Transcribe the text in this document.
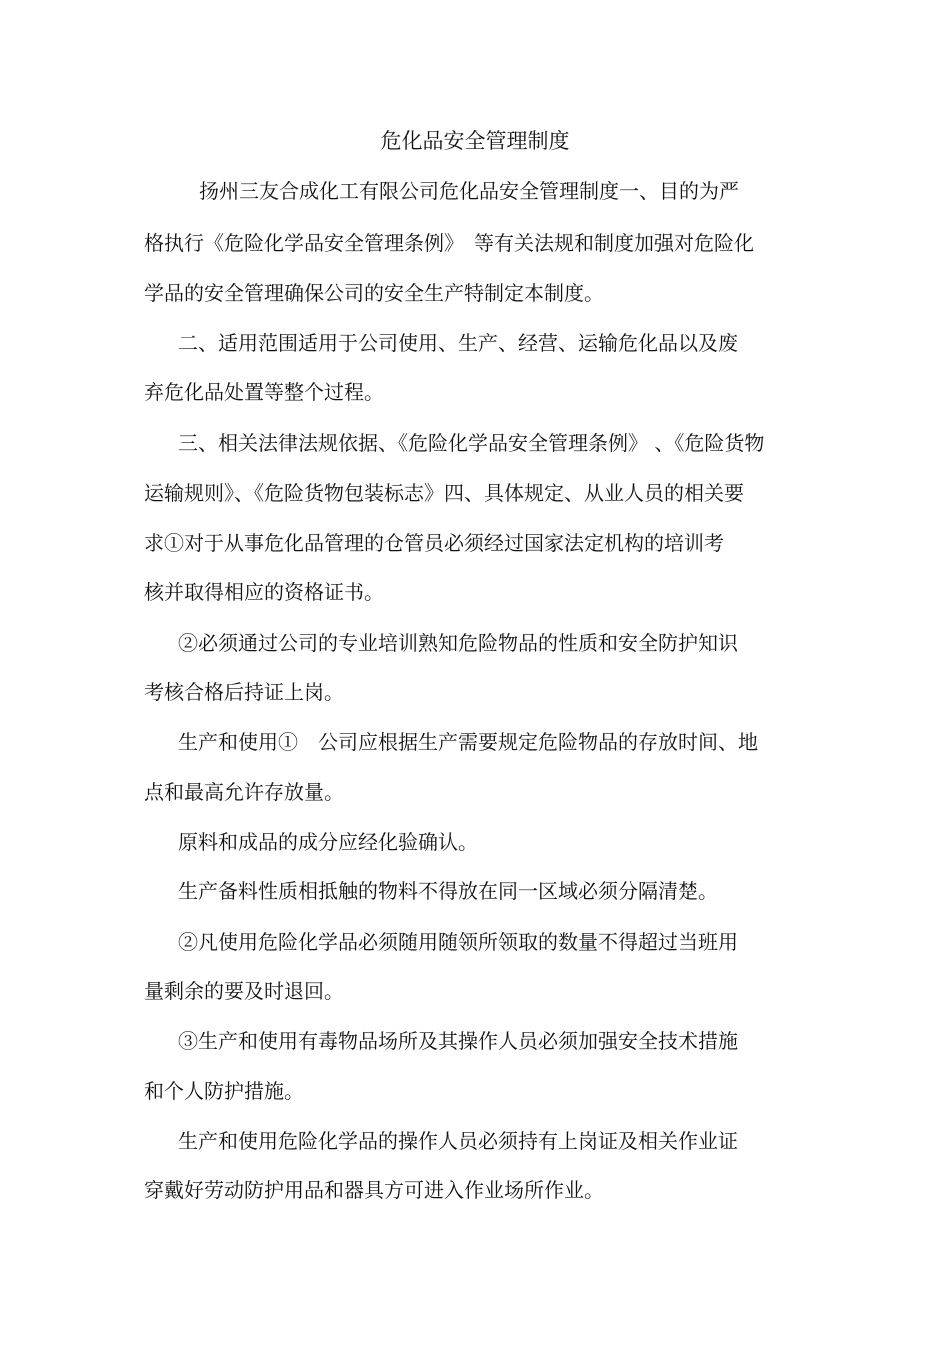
危化品安全管理制度
扬州三友合成化工有限公司危化品安全管理制度一、目的为严
格执行《危险化学品安全管理条例》　等有关法规和制度加强对危险化
学品的安全管理确保公司的安全生产特制定本制度。
二、适用范围适用于公司使用、生产、经营、运输危化品以及废
弃危化品处置等整个过程。
三、相关法律法规依据、《危险化学品安全管理条例》 、《危险货物
运输规则》、《危险货物包装标志》四、具体规定、从业人员的相关要
求①对于从事危化品管理的仓管员必须经过国家法定机构的培训考
核并取得相应的资格证书。
②必须通过公司的专业培训熟知危险物品的性质和安全防护知识
考核合格后持证上岗。
生产和使用①　公司应根据生产需要规定危险物品的存放时间、地
点和最高允许存放量。
原料和成品的成分应经化验确认。
生产备料性质相抵触的物料不得放在同一区域必须分隔清楚。
②凡使用危险化学品必须随用随领所领取的数量不得超过当班用
量剩余的要及时退回。
③生产和使用有毒物品场所及其操作人员必须加强安全技术措施
和个人防护措施。
生产和使用危险化学品的操作人员必须持有上岗证及相关作业证
穿戴好劳动防护用品和器具方可进入作业场所作业。
